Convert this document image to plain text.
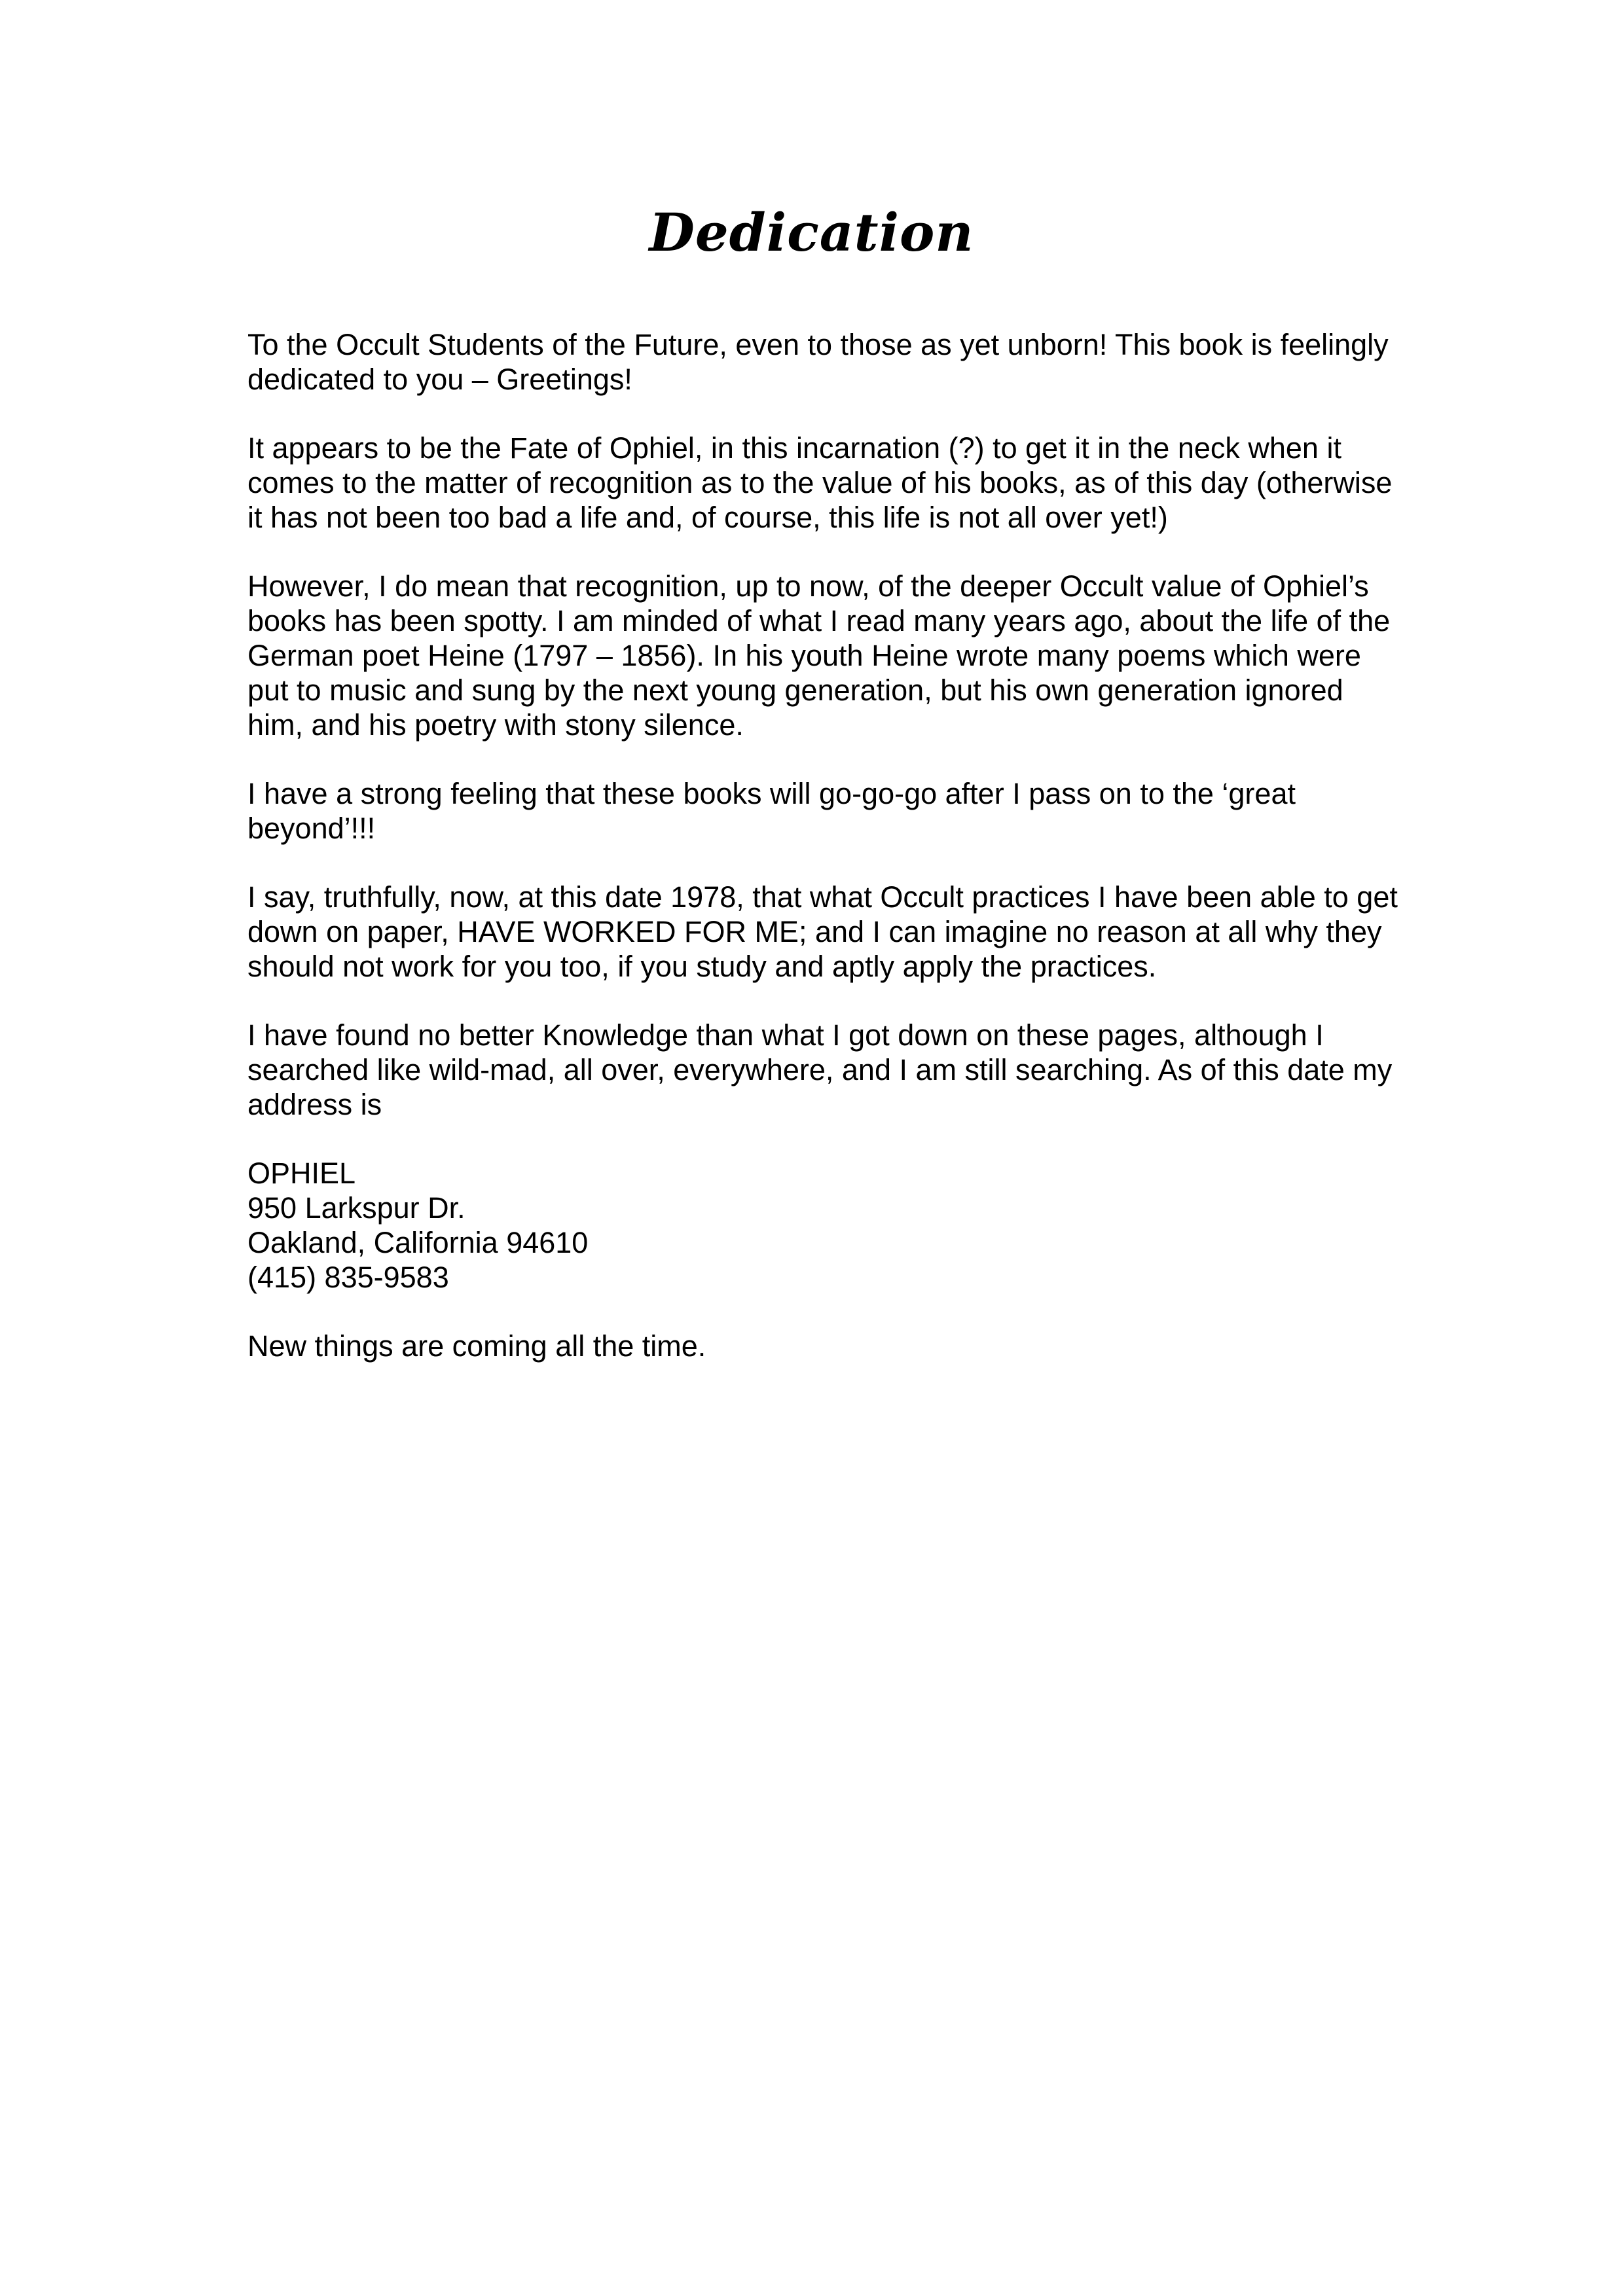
Dedication

To the Occult Students of the Future, even to those as yet unborn! This book is feelingly dedicated to you – Greetings!

It appears to be the Fate of Ophiel, in this incarnation (?) to get it in the neck when it comes to the matter of recognition as to the value of his books, as of this day (otherwise it has not been too bad a life and, of course, this life is not all over yet!)

However, I do mean that recognition, up to now, of the deeper Occult value of Ophiel’s books has been spotty. I am minded of what I read many years ago, about the life of the German poet Heine (1797 – 1856). In his youth Heine wrote many poems which were put to music and sung by the next young generation, but his own generation ignored him, and his poetry with stony silence.

I have a strong feeling that these books will go-go-go after I pass on to the ‘great beyond’!!!

I say, truthfully, now, at this date 1978, that what Occult practices I have been able to get down on paper, HAVE WORKED FOR ME; and I can imagine no reason at all why they should not work for you too, if you study and aptly apply the practices.

I have found no better Knowledge than what I got down on these pages, although I searched like wild-mad, all over, everywhere, and I am still searching. As of this date my address is

OPHIEL
950 Larkspur Dr.
Oakland, California 94610
(415) 835-9583

New things are coming all the time.
